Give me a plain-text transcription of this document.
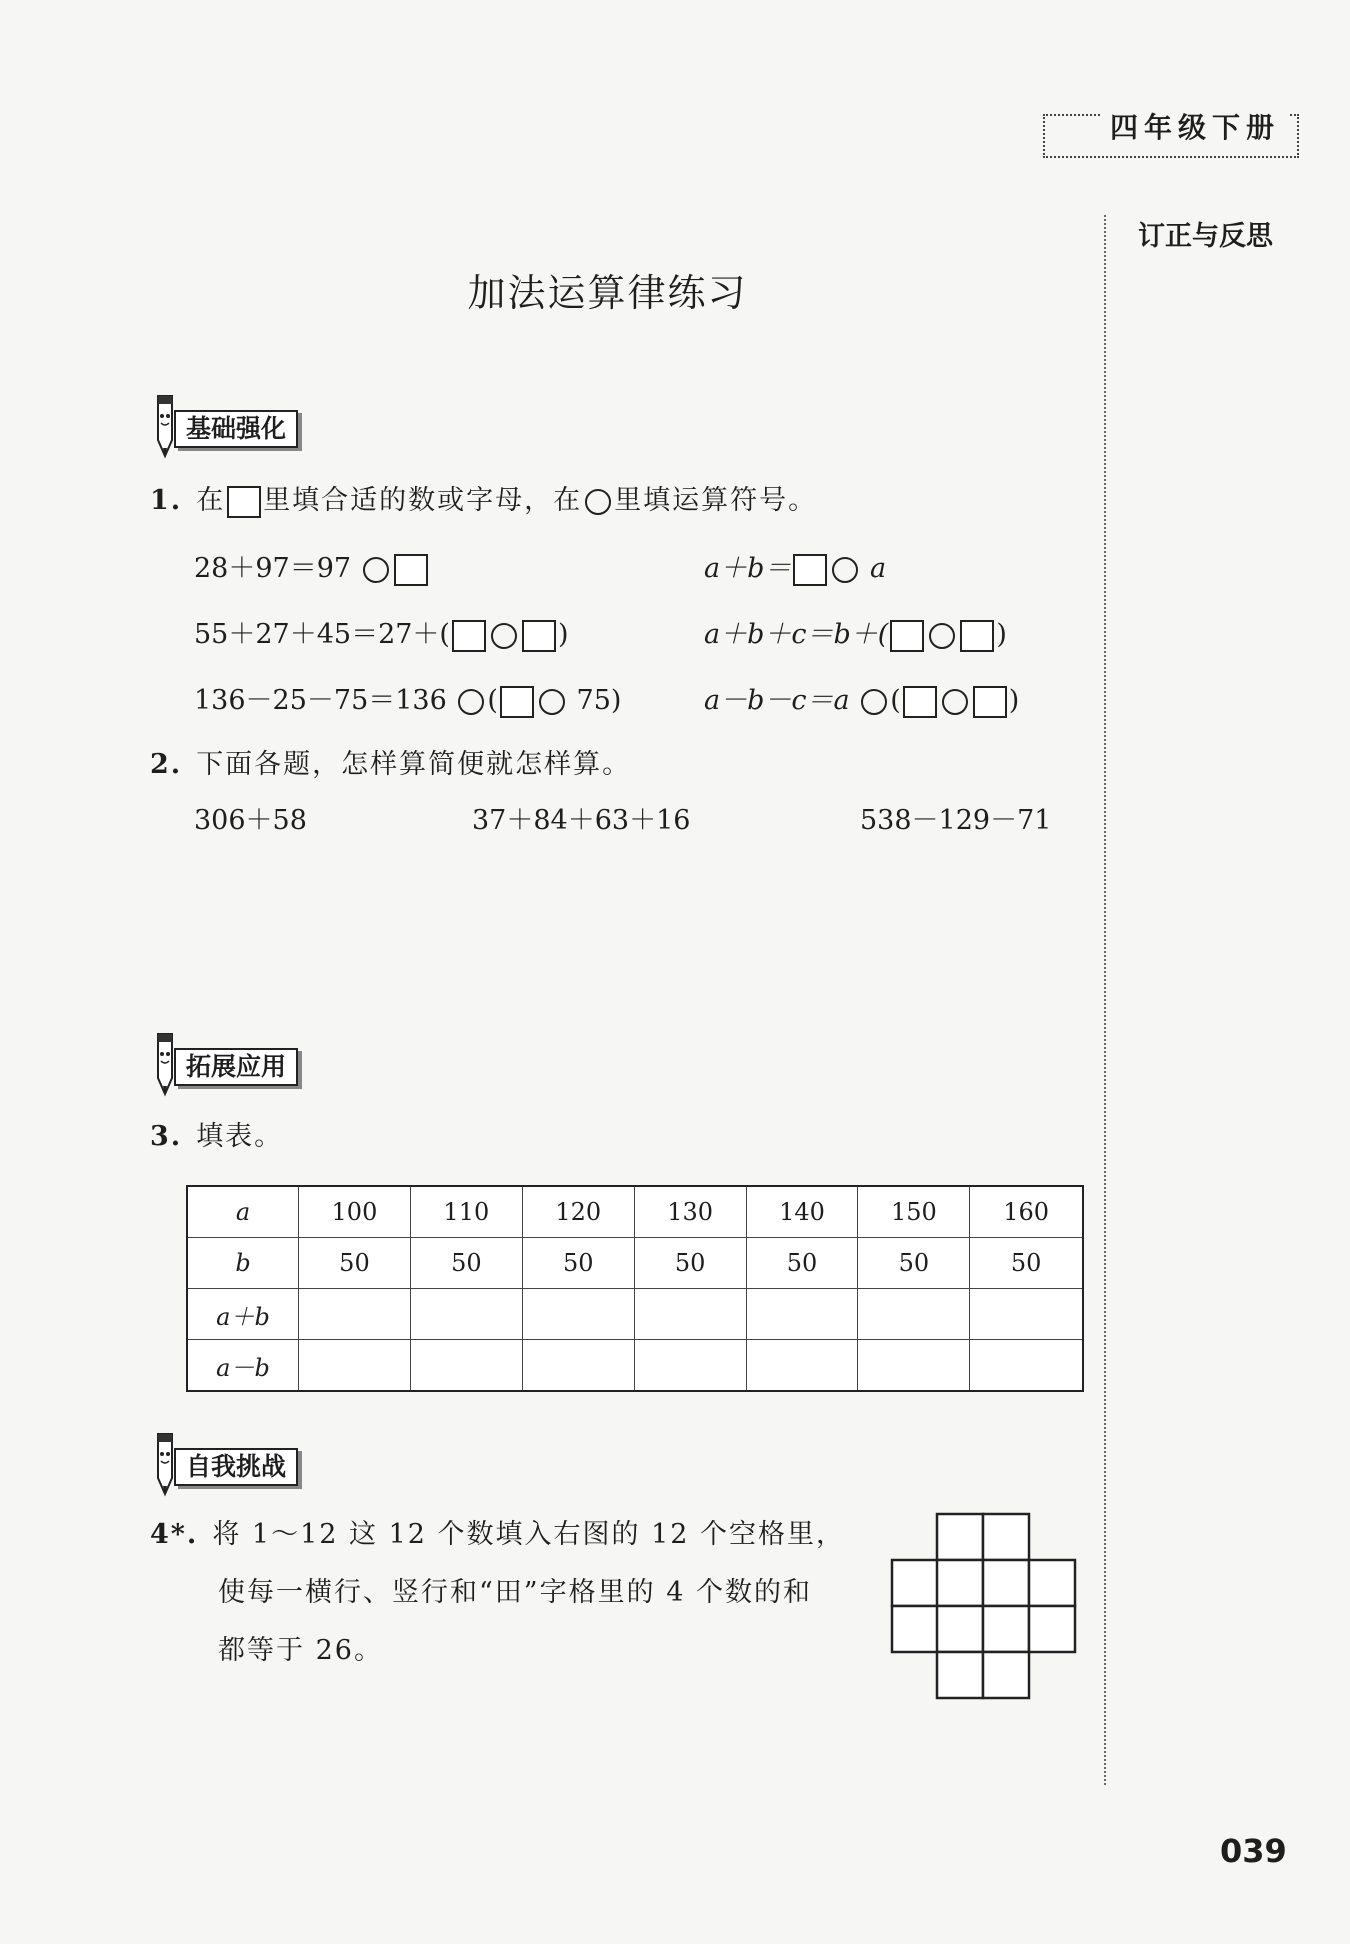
四年级下册
订正与反思
加法运算律练习
基础强化
1. 在 里填合适的数或字母，在 里填运算符号。
28＋97＝97	a＋b＝	a
55＋27＋45＝27＋(	)	a＋b＋c＝b＋(	)
136－25－75＝136 (	75)	a－b－c＝a (	)
2. 下面各题，怎样算简便就怎样算。
306＋58	37＋84＋63＋16	538－129－71
拓展应用
3. 填表。
a	100	110	120	130	140	150	160
b	50	50	50	50	50	50	50
a＋b							
a－b							
自我挑战
4*. 将 1～12 这 12 个数填入右图的 12 个空格里，
使每一横行、竖行和“田”字格里的 4 个数的和
都等于 26。
039
